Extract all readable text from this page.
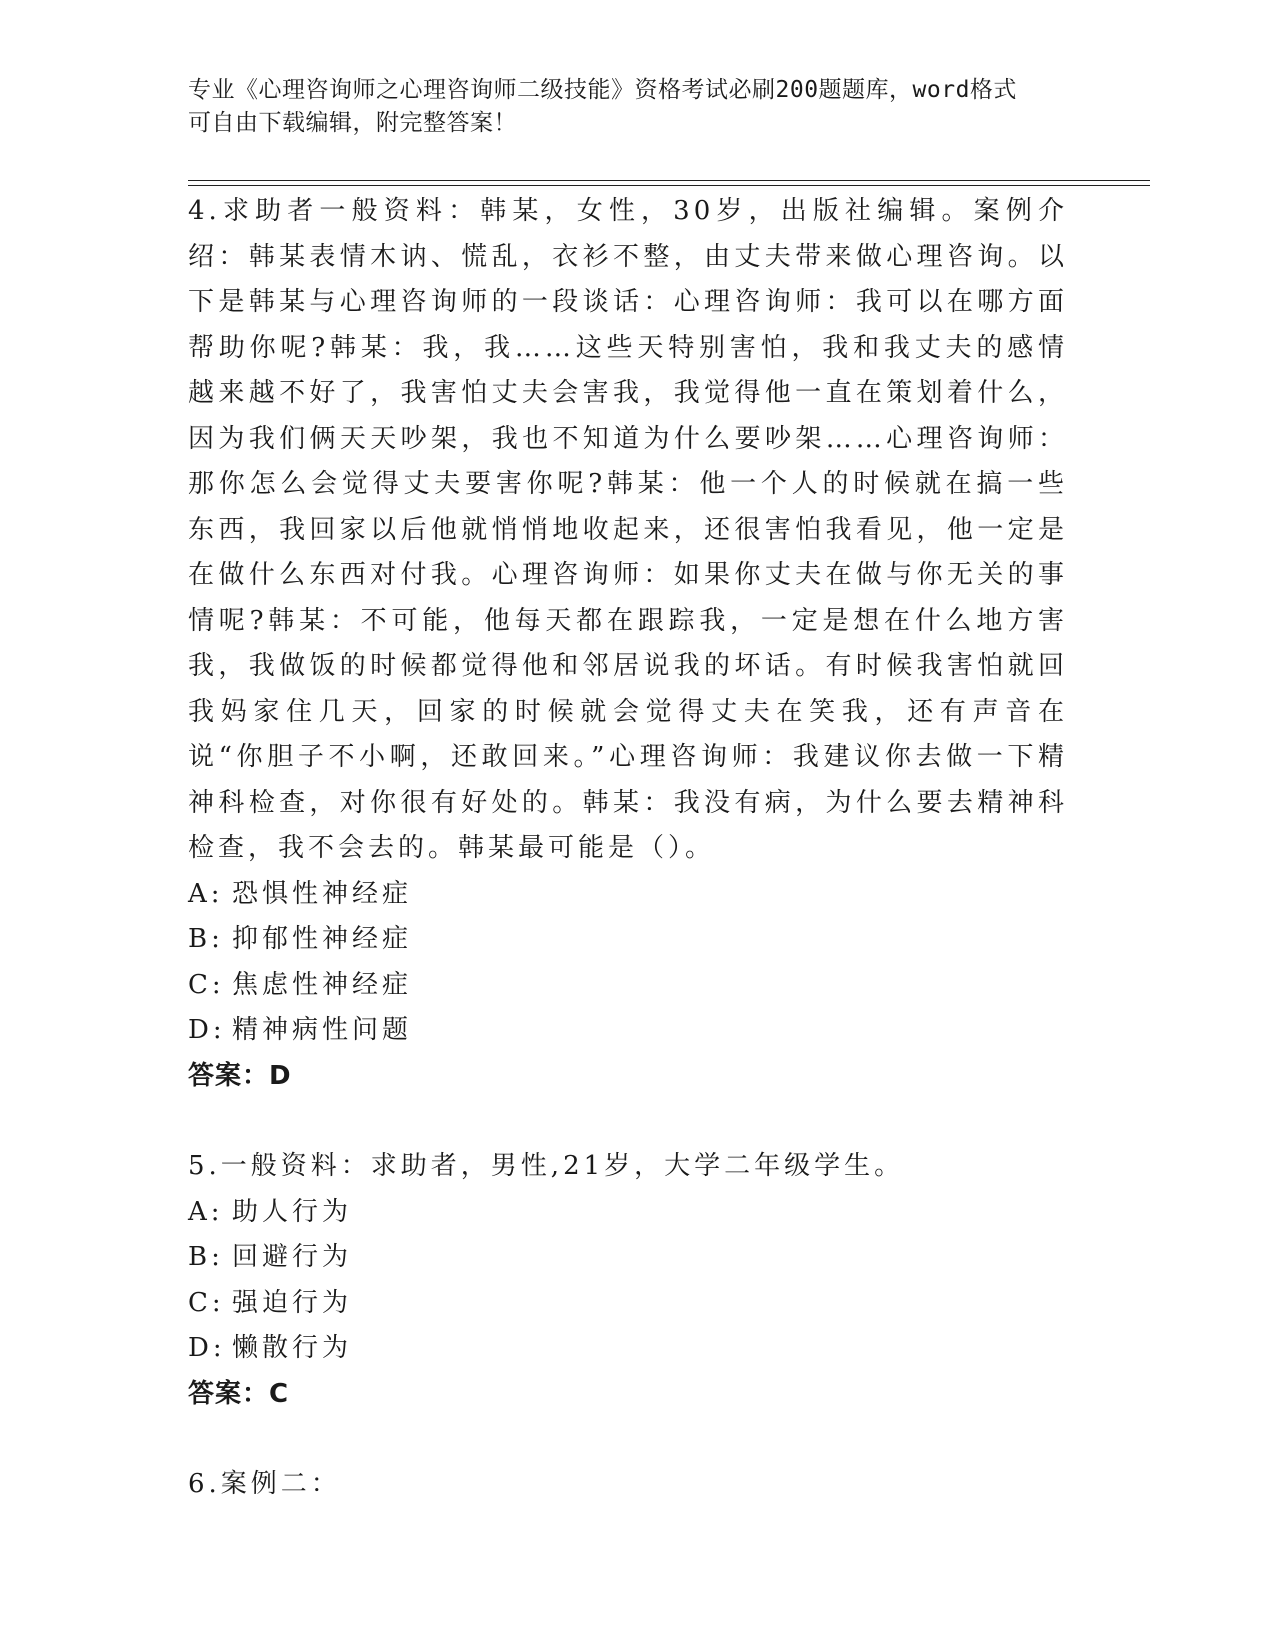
专业《心理咨询师之心理咨询师二级技能》资格考试必刷200题题库，word格式
可自由下载编辑，附完整答案！

4.求助者一般资料：韩某，女性，30岁，出版社编辑。案例介绍：韩某表情木讷、慌乱，衣衫不整，由丈夫带来做心理咨询。以下是韩某与心理咨询师的一段谈话：心理咨询师：我可以在哪方面帮助你呢?韩某：我，我……这些天特别害怕，我和我丈夫的感情越来越不好了，我害怕丈夫会害我，我觉得他一直在策划着什么，因为我们俩天天吵架，我也不知道为什么要吵架……心理咨询师：那你怎么会觉得丈夫要害你呢?韩某：他一个人的时候就在搞一些东西，我回家以后他就悄悄地收起来，还很害怕我看见，他一定是在做什么东西对付我。心理咨询师：如果你丈夫在做与你无关的事情呢?韩某：不可能，他每天都在跟踪我，一定是想在什么地方害我，我做饭的时候都觉得他和邻居说我的坏话。有时候我害怕就回我妈家住几天，回家的时候就会觉得丈夫在笑我，还有声音在说“你胆子不小啊，还敢回来。”心理咨询师：我建议你去做一下精神科检查，对你很有好处的。韩某：我没有病，为什么要去精神科检查，我不会去的。韩某最可能是（）。

A: 恐惧性神经症
B: 抑郁性神经症
C: 焦虑性神经症
D: 精神病性问题

答案：D

5.一般资料：求助者，男性,21岁，大学二年级学生。

A: 助人行为
B: 回避行为
C: 强迫行为
D: 懒散行为

答案：C

6.案例二：
